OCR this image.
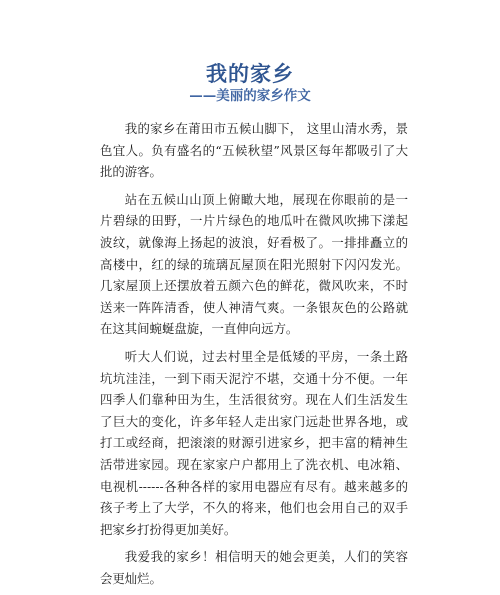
我的家乡
——美丽的家乡作文

我的家乡在莆田市五候山脚下， 这里山清水秀，景色宜人。负有盛名的“五候秋望”风景区每年都吸引了大批的游客。

站在五候山山顶上俯瞰大地，展现在你眼前的是一片碧绿的田野，一片片绿色的地瓜叶在微风吹拂下漾起波纹，就像海上扬起的波浪，好看极了。一排排矗立的高楼中，红的绿的琉璃瓦屋顶在阳光照射下闪闪发光。几家屋顶上还摆放着五颜六色的鲜花，微风吹来，不时送来一阵阵清香，使人神清气爽。一条银灰色的公路就在这其间蜿蜒盘旋，一直伸向远方。

听大人们说，过去村里全是低矮的平房，一条土路坑坑洼洼，一到下雨天泥泞不堪，交通十分不便。一年四季人们靠种田为生，生活很贫穷。现在人们生活发生了巨大的变化，许多年轻人走出家门远赴世界各地，或打工或经商，把滚滚的财源引进家乡，把丰富的精神生活带进家园。现在家家户户都用上了洗衣机、电冰箱、电视机------各种各样的家用电器应有尽有。越来越多的孩子考上了大学，不久的将来，他们也会用自己的双手把家乡打扮得更加美好。

我爱我的家乡！相信明天的她会更美，人们的笑容会更灿烂。
